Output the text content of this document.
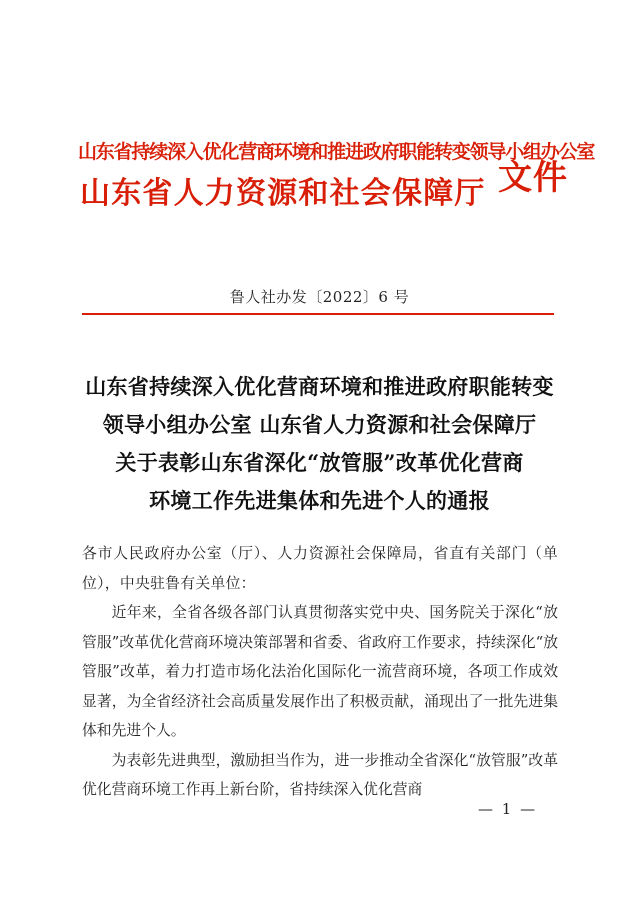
山东省持续深入优化营商环境和推进政府职能转变领导小组办公室
山东省人力资源和社会保障厅 文件
鲁人社办发〔2022〕6 号
山东省持续深入优化营商环境和推进政府职能转变
领导小组办公室 山东省人力资源和社会保障厅
关于表彰山东省深化“放管服”改革优化营商
环境工作先进集体和先进个人的通报

各市人民政府办公室（厅）、人力资源社会保障局，省直有关部门（单位），中央驻鲁有关单位：

近年来，全省各级各部门认真贯彻落实党中央、国务院关于深化“放管服”改革优化营商环境决策部署和省委、省政府工作要求，持续深化“放管服”改革，着力打造市场化法治化国际化一流营商环境，各项工作成效显著，为全省经济社会高质量发展作出了积极贡献，涌现出了一批先进集体和先进个人。

为表彰先进典型，激励担当作为，进一步推动全省深化“放管服”改革优化营商环境工作再上新台阶，省持续深入优化营商

— 1 —
